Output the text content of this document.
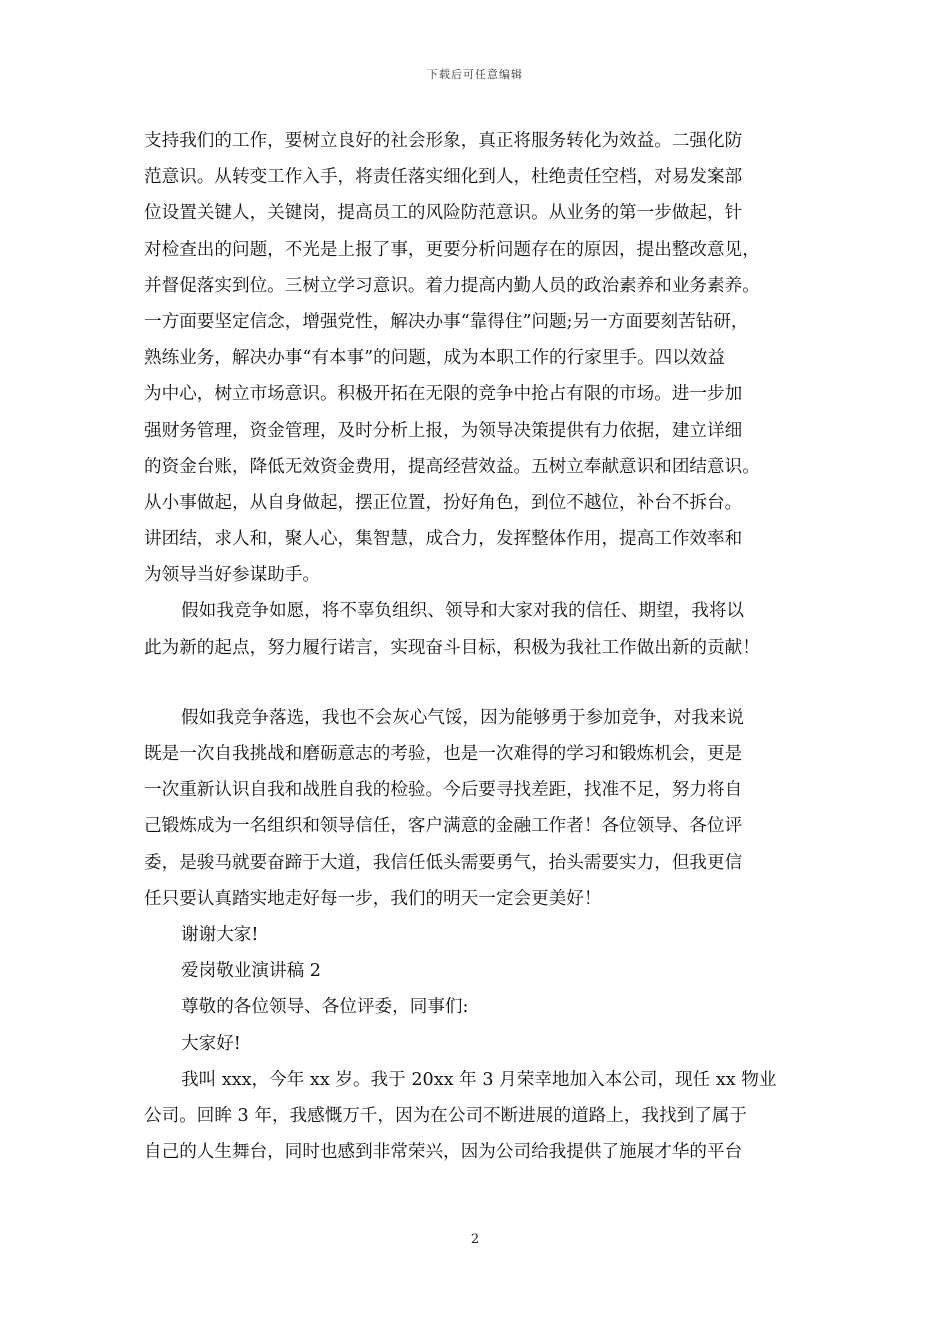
下载后可任意编辑
支持我们的工作，要树立良好的社会形象，真正将服务转化为效益。二强化防
范意识。从转变工作入手，将责任落实细化到人，杜绝责任空档，对易发案部
位设置关键人，关键岗，提高员工的风险防范意识。从业务的第一步做起，针
对检查出的问题，不光是上报了事，更要分析问题存在的原因，提出整改意见，
并督促落实到位。三树立学习意识。着力提高内勤人员的政治素养和业务素养。
一方面要坚定信念，增强党性，解决办事“靠得住”问题;另一方面要刻苦钻研，
熟练业务，解决办事“有本事”的问题，成为本职工作的行家里手。四以效益
为中心，树立市场意识。积极开拓在无限的竞争中抢占有限的市场。进一步加
强财务管理，资金管理，及时分析上报，为领导决策提供有力依据，建立详细
的资金台账，降低无效资金费用，提高经营效益。五树立奉献意识和团结意识。
从小事做起，从自身做起，摆正位置，扮好角色，到位不越位，补台不拆台。
讲团结，求人和，聚人心，集智慧，成合力，发挥整体作用，提高工作效率和
为领导当好参谋助手。
假如我竞争如愿，将不辜负组织、领导和大家对我的信任、期望，我将以
此为新的起点，努力履行诺言，实现奋斗目标，积极为我社工作做出新的贡献！
假如我竞争落选，我也不会灰心气馁，因为能够勇于参加竞争，对我来说
既是一次自我挑战和磨砺意志的考验，也是一次难得的学习和锻炼机会，更是
一次重新认识自我和战胜自我的检验。今后要寻找差距，找准不足，努力将自
己锻炼成为一名组织和领导信任，客户满意的金融工作者！各位领导、各位评
委，是骏马就要奋蹄于大道，我信任低头需要勇气，抬头需要实力，但我更信
任只要认真踏实地走好每一步，我们的明天一定会更美好！
谢谢大家!
爱岗敬业演讲稿 2
尊敬的各位领导、各位评委，同事们:
大家好!
我叫 xxx，今年 xx 岁。我于 20xx 年 3 月荣幸地加入本公司，现任 xx 物业
公司。回眸 3 年，我感慨万千，因为在公司不断进展的道路上，我找到了属于
自己的人生舞台，同时也感到非常荣兴，因为公司给我提供了施展才华的平台
2
